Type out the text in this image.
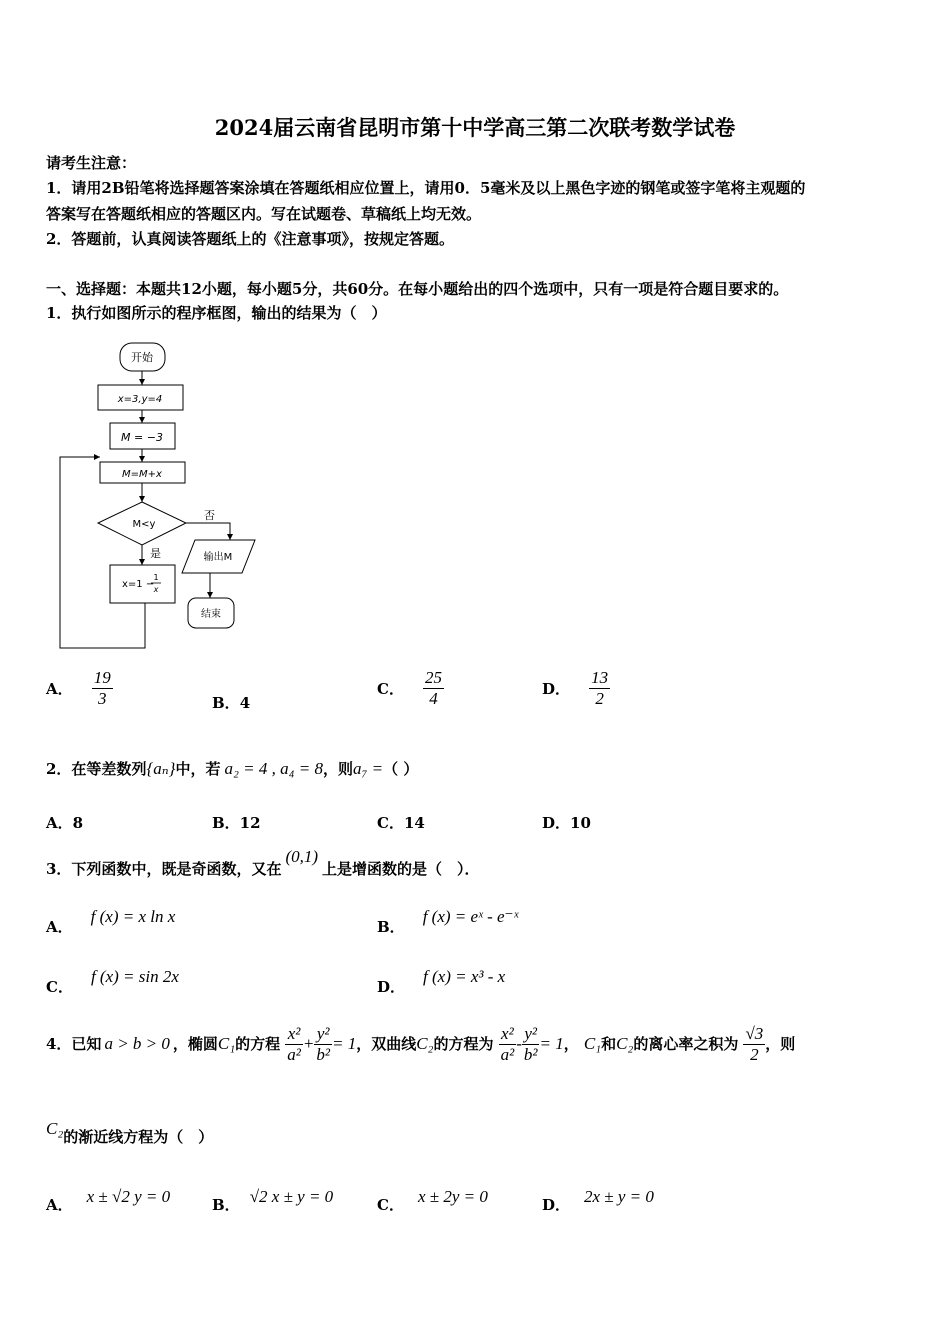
2024届云南省昆明市第十中学高三第二次联考数学试卷
请考生注意：
1．请用2B铅笔将选择题答案涂填在答题纸相应位置上，请用0．5毫米及以上黑色字迹的钢笔或签字笔将主观题的
答案写在答题纸相应的答题区内。写在试题卷、草稿纸上均无效。
2．答题前，认真阅读答题纸上的《注意事项》，按规定答题。
一、选择题：本题共12小题，每小题5分，共60分。在每小题给出的四个选项中，只有一项是符合题目要求的。
1．执行如图所示的程序框图，输出的结果为（　）
开始
x=3,y=4
M = −3
M=M+x
M<y
否
输出M
结束
是
x=1 −
1
x
A． $\frac{19}{3}$	B．4
C． $\frac{25}{4}$	D． $\frac{13}{2}$
2．在等差数列{aₙ}中，若 a₂ = 4 , a₄ = 8，则a₇ =（ ）
A．8	B．12	C．14	D．10
3．下列函数中，既是奇函数，又在(0,1)上是增函数的是（　）．
A．f (x) = x ln x
B．f (x) = eˣ - e⁻ˣ
C．f (x) = sin 2x
D．f (x) = x³ - x
4．已知 a > b > 0 ，椭圆C₁的方程 $\frac{\text{x²}}{\text{a²}} + \frac{\text{y²}}{\text{b²}} = 1$，双曲线C₂的方程为 $\frac{\text{x²}}{\text{a²}} - \frac{\text{y²}}{\text{b²}} = 1$， C₁和C₂的离心率之积为 $\frac{√3}{2}$ ，则
C₂的渐近线方程为（　）
A． x ± √2 y = 0	B． √2 x ± y = 0	C． x ± 2y = 0	D． 2x ± y = 0
